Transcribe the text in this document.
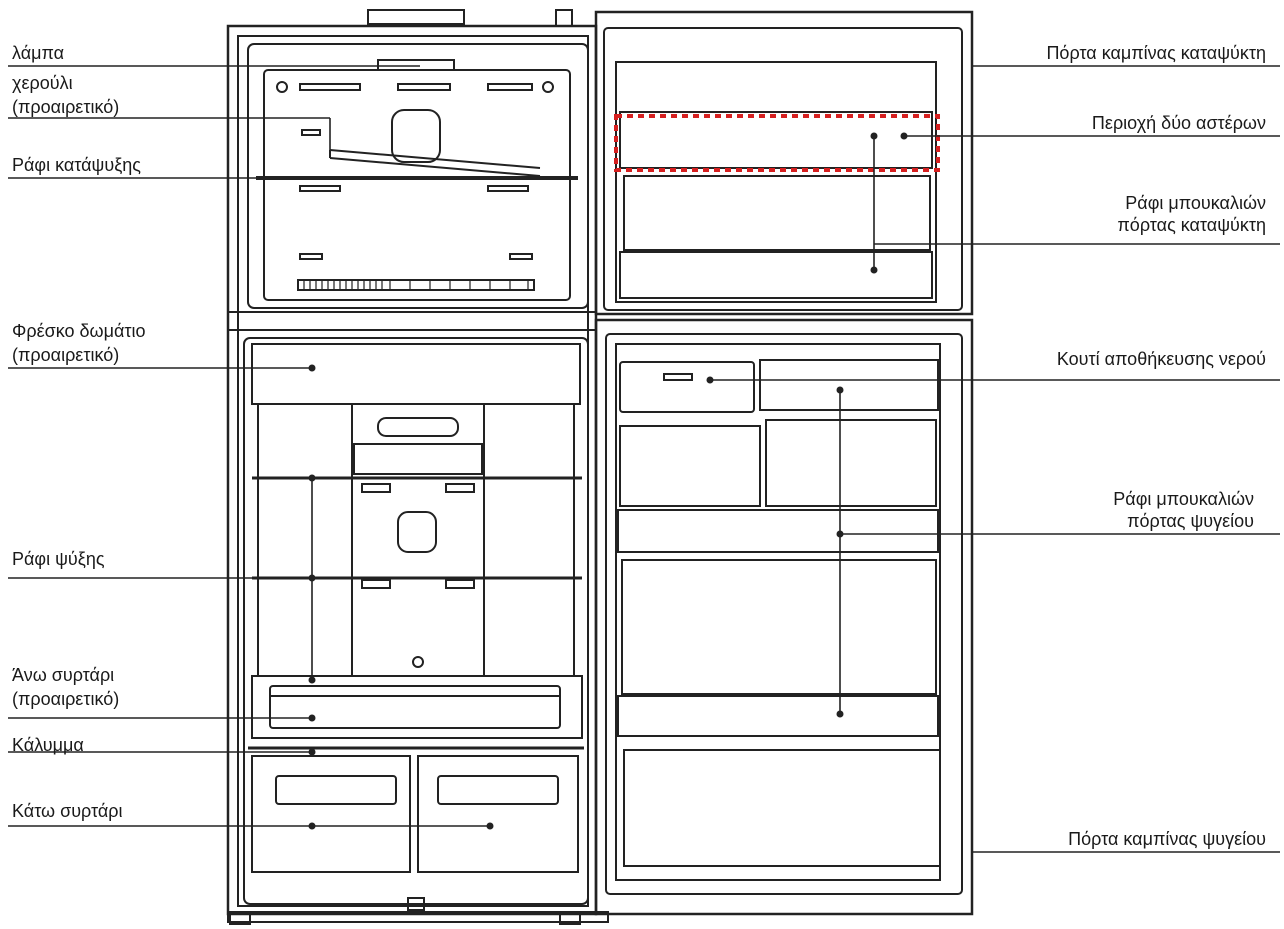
λάμπα
χερούλι
(προαιρετικό)
Ράφι κατάψυξης
Φρέσκο δωμάτιο
(προαιρετικό)
Ράφι ψύξης
Άνω συρτάρι
(προαιρετικό)
Κάλυμμα
Κάτω συρτάρι
Πόρτα καμπίνας καταψύκτη
Περιοχή δύο αστέρων
Ράφι μπουκαλιών
πόρτας καταψύκτη
Κουτί αποθήκευσης νερού
Ράφι μπουκαλιών
πόρτας ψυγείου
Πόρτα καμπίνας ψυγείου
